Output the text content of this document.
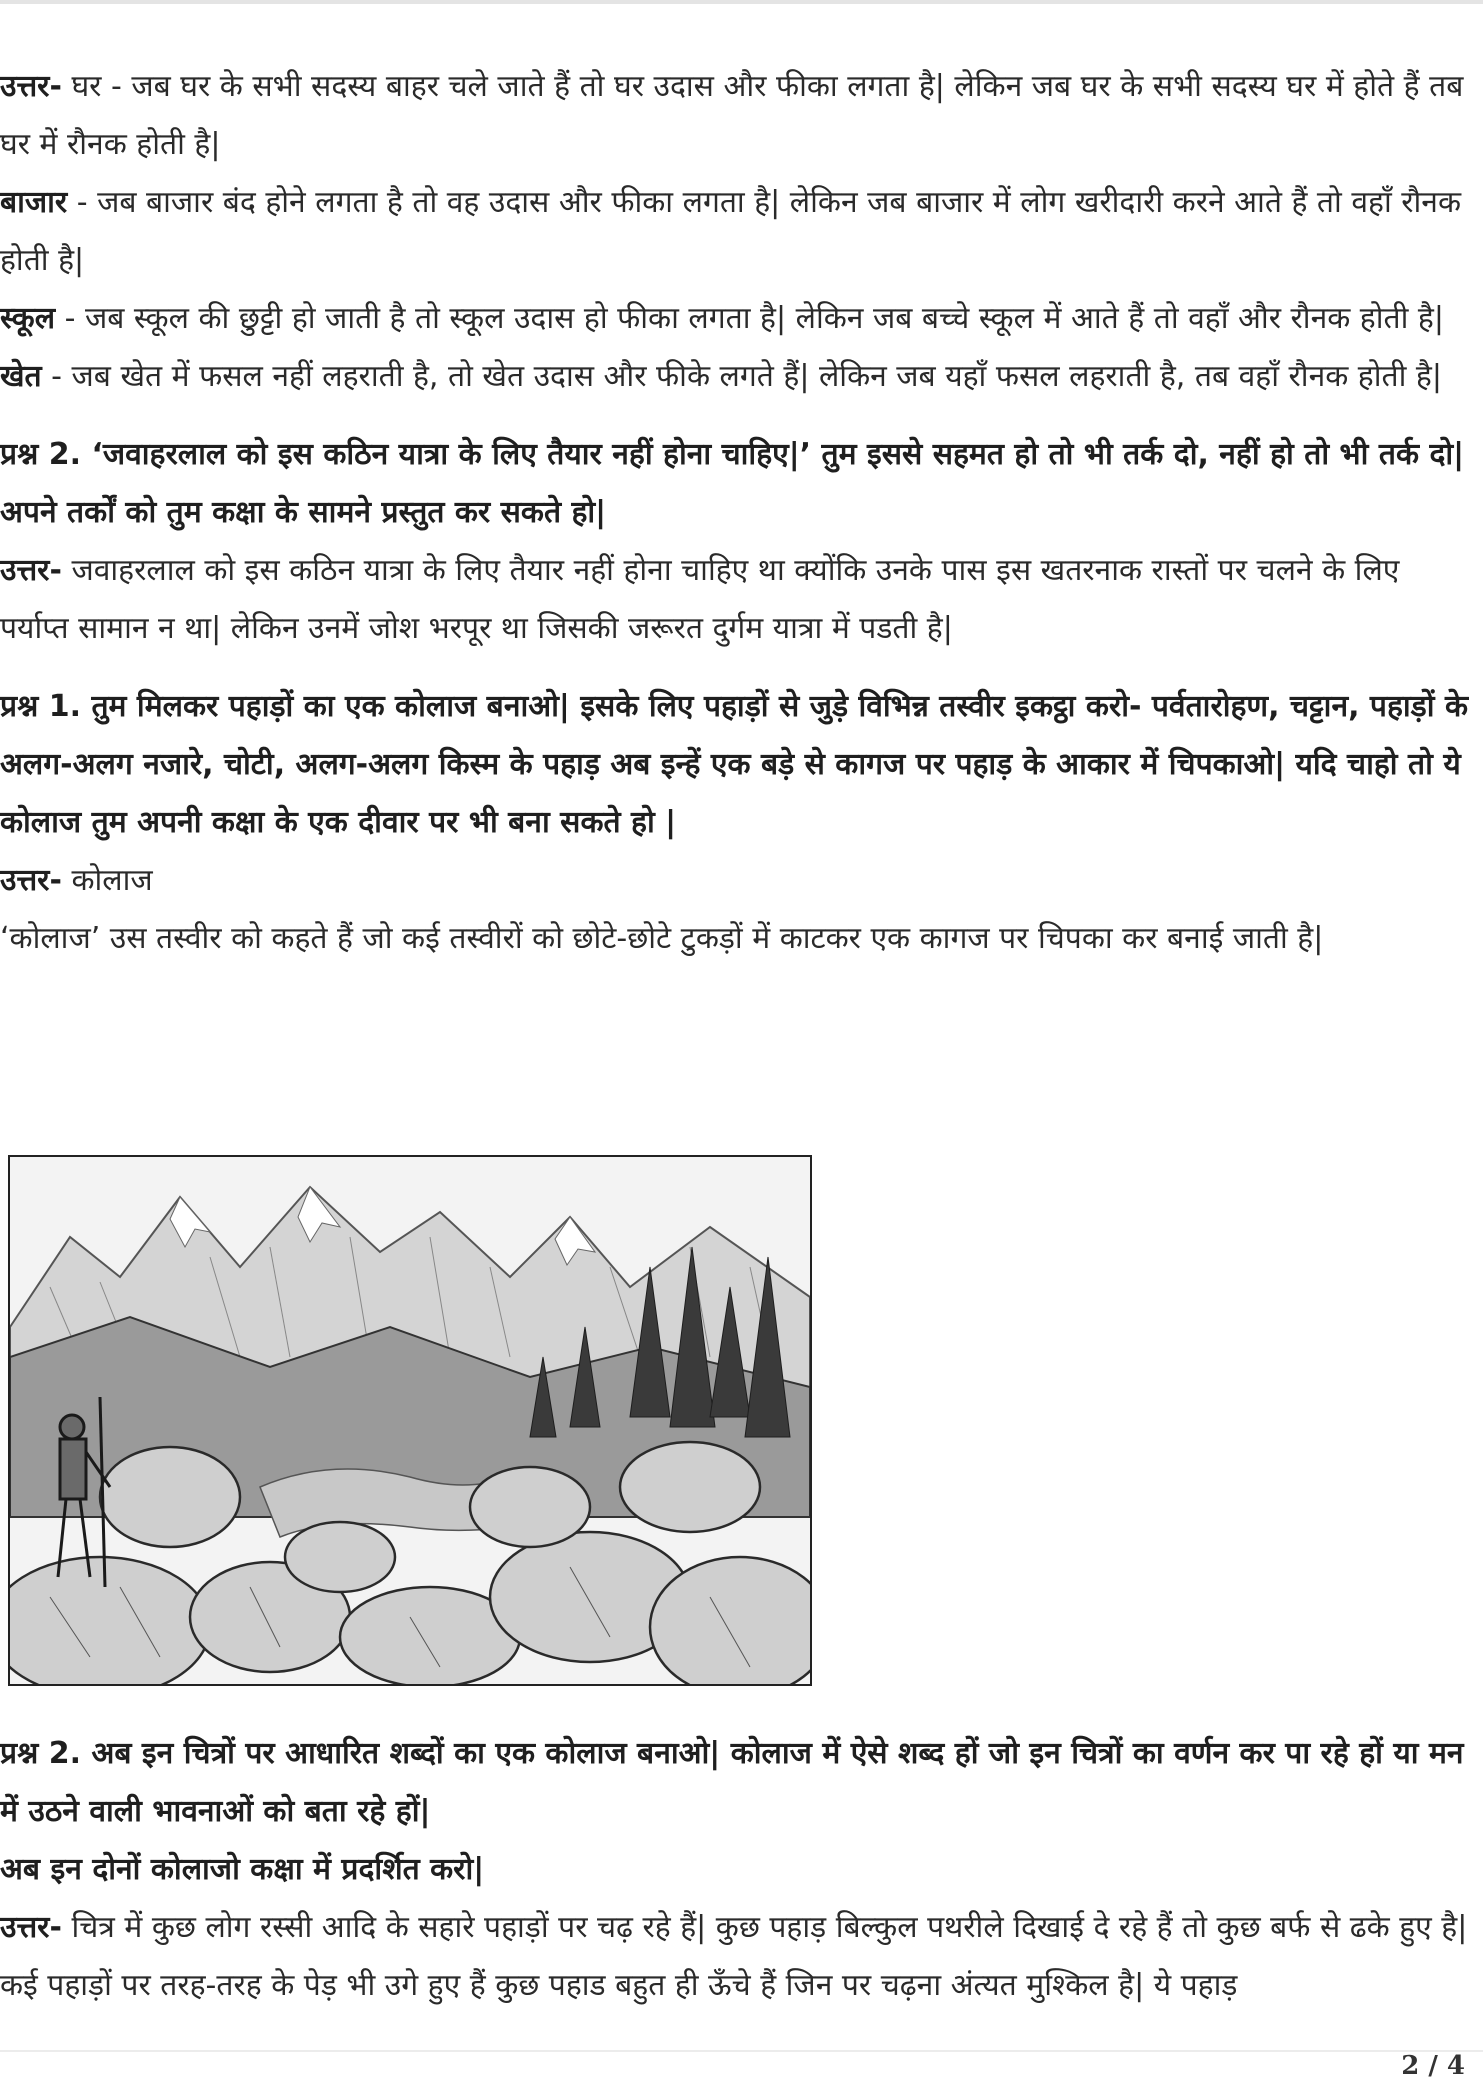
उत्तर- घर - जब घर के सभी सदस्य बाहर चले जाते हैं तो घर उदास और फीका लगता है| लेकिन जब घर के सभी सदस्य घर में होते हैं तब घर में रौनक होती है|

बाजार - जब बाजार बंद होने लगता है तो वह उदास और फीका लगता है| लेकिन जब बाजार में लोग खरीदारी करने आते हैं तो वहाँ रौनक होती है|

स्कूल - जब स्कूल की छुट्टी हो जाती है तो स्कूल उदास हो फीका लगता है| लेकिन जब बच्चे स्कूल में आते हैं तो वहाँ और रौनक होती है|

खेत - जब खेत में फसल नहीं लहराती है, तो खेत उदास और फीके लगते हैं| लेकिन जब यहाँ फसल लहराती है, तब वहाँ रौनक होती है|

प्रश्न 2. ‘जवाहरलाल को इस कठिन यात्रा के लिए तैयार नहीं होना चाहिए|’ तुम इससे सहमत हो तो भी तर्क दो, नहीं हो तो भी तर्क दो| अपने तर्कों को तुम कक्षा के सामने प्रस्तुत कर सकते हो|

उत्तर- जवाहरलाल को इस कठिन यात्रा के लिए तैयार नहीं होना चाहिए था क्योंकि उनके पास इस खतरनाक रास्तों पर चलने के लिए पर्याप्त सामान न था| लेकिन उनमें जोश भरपूर था जिसकी जरूरत दुर्गम यात्रा में पडती है|

प्रश्न 1. तुम मिलकर पहाड़ों का एक कोलाज बनाओ| इसके लिए पहाड़ों से जुड़े विभिन्न तस्वीर इकट्ठा करो- पर्वतारोहण, चट्टान, पहाड़ों के अलग-अलग नजारे, चोटी, अलग-अलग किस्म के पहाड़ अब इन्हें एक बड़े से कागज पर पहाड़ के आकार में चिपकाओ| यदि चाहो तो ये कोलाज तुम अपनी कक्षा के एक दीवार पर भी बना सकते हो |

उत्तर- कोलाज

‘कोलाज’ उस तस्वीर को कहते हैं जो कई तस्वीरों को छोटे-छोटे टुकड़ों में काटकर एक कागज पर चिपका कर बनाई जाती है|

प्रश्न 2. अब इन चित्रों पर आधारित शब्दों का एक कोलाज बनाओ| कोलाज में ऐसे शब्द हों जो इन चित्रों का वर्णन कर पा रहे हों या मन में उठने वाली भावनाओं को बता रहे हों|

अब इन दोनों कोलाजो कक्षा में प्रदर्शित करो|

उत्तर- चित्र में कुछ लोग रस्सी आदि के सहारे पहाड़ों पर चढ़ रहे हैं| कुछ पहाड़ बिल्कुल पथरीले दिखाई दे रहे हैं तो कुछ बर्फ से ढके हुए है| कई पहाड़ों पर तरह-तरह के पेड़ भी उगे हुए हैं कुछ पहाड बहुत ही ऊँचे हैं जिन पर चढ़ना अंत्यत मुश्किल है| ये पहाड़

2 / 4
